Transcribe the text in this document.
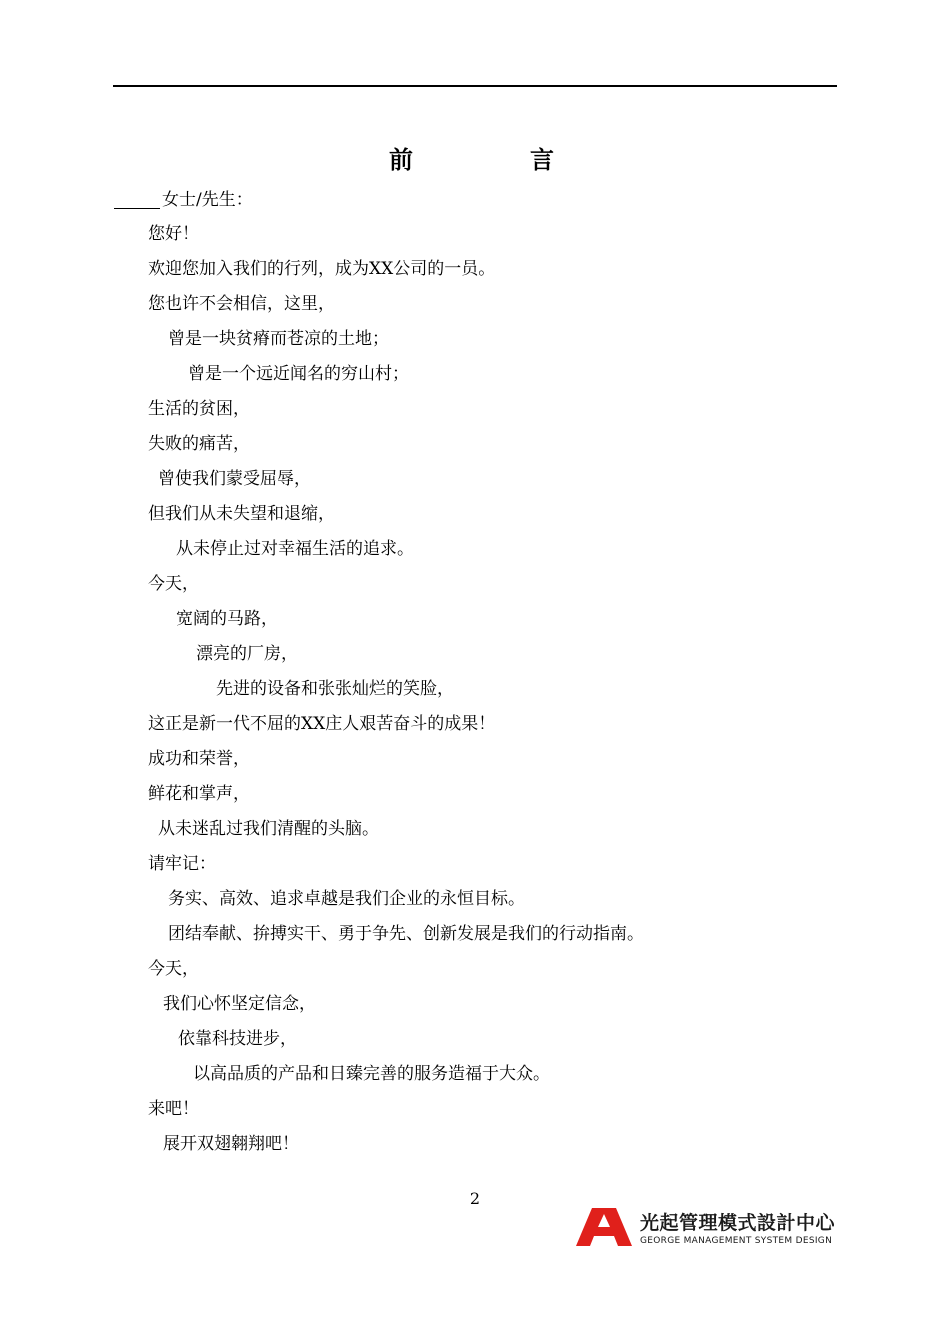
前	言
女士/先生：
您好！
欢迎您加入我们的行列，成为XX公司的一员。
您也许不会相信，这里，
曾是一块贫瘠而苍凉的土地；
曾是一个远近闻名的穷山村；
生活的贫困，
失败的痛苦，
曾使我们蒙受屈辱，
但我们从未失望和退缩，
从未停止过对幸福生活的追求。
今天，
宽阔的马路，
漂亮的厂房，
先进的设备和张张灿烂的笑脸，
这正是新一代不屈的XX庄人艰苦奋斗的成果！
成功和荣誉，
鲜花和掌声，
从未迷乱过我们清醒的头脑。
请牢记：
务实、高效、追求卓越是我们企业的永恒目标。
团结奉献、拚搏实干、勇于争先、创新发展是我们的行动指南。
今天，
我们心怀坚定信念，
依靠科技进步，
以高品质的产品和日臻完善的服务造福于大众。
来吧！
展开双翅翱翔吧！
2
光起管理模式設計中心
GEORGE MANAGEMENT SYSTEM DESIGN
